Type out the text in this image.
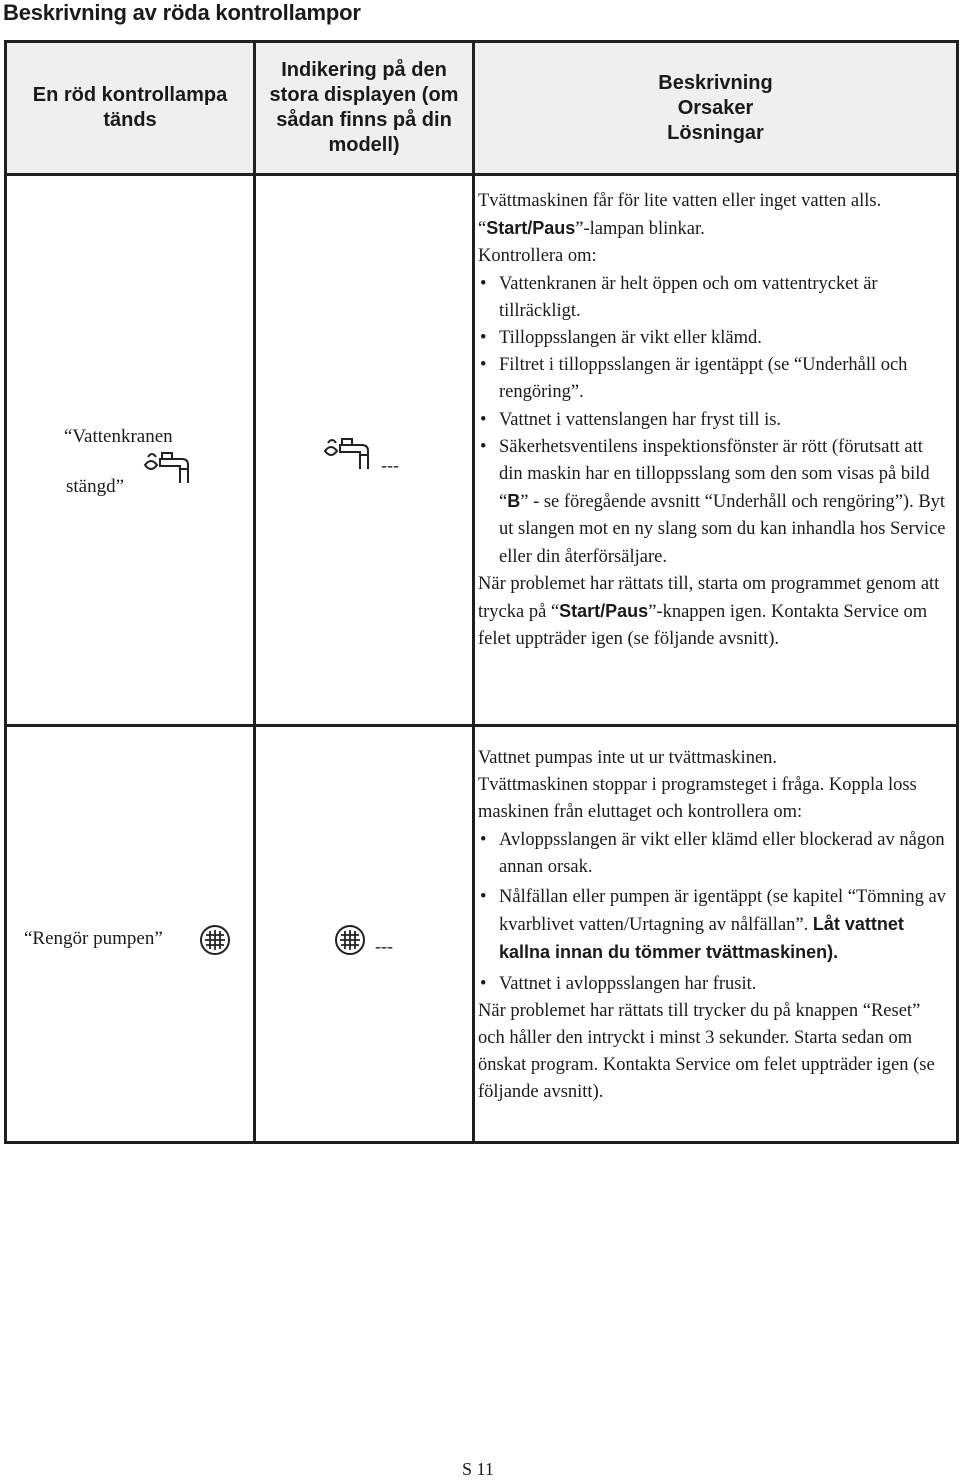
Beskrivning av röda kontrollampor
En röd kontrollampa tänds
Indikering på den stora displayen (om sådan finns på din modell)
Beskrivning
Orsaker
Lösningar
“Vattenkranen
stängd”
---

Tvättmaskinen får för lite vatten eller inget vatten alls. “Start/Paus”-lampan blinkar.

Kontrollera om:

• Vattenkranen är helt öppen och om vattentrycket är tillräckligt.
• Tilloppsslangen är vikt eller klämd.
• Filtret i tilloppsslangen är igentäppt (se “Underhåll och rengöring”.
• Vattnet i vattenslangen har fryst till is.
• Säkerhetsventilens inspektionsfönster är rött (förutsatt att din maskin har en tilloppsslang som den som visas på bild “B” - se föregående avsnitt “Underhåll och rengöring”). Byt ut slangen mot en ny slang som du kan inhandla hos Service eller din återförsäljare.

När problemet har rättats till, starta om programmet genom att trycka på “Start/Paus”-knappen igen. Kontakta Service om felet uppträder igen (se följande avsnitt).

“Rengör pumpen”	---

Vattnet pumpas inte ut ur tvättmaskinen.

Tvättmaskinen stoppar i programsteget i fråga. Koppla loss maskinen från eluttaget och kontrollera om:

• Avloppsslangen är vikt eller klämd eller blockerad av någon annan orsak.
• Nålfällan eller pumpen är igentäppt (se kapitel “Tömning av kvarblivet vatten/Urtagning av nålfällan”. Låt vattnet kallna innan du tömmer tvättmaskinen).
• Vattnet i avloppsslangen har frusit.

När problemet har rättats till trycker du på knappen “Reset” och håller den intryckt i minst 3 sekunder. Starta sedan om önskat program. Kontakta Service om felet uppträder igen (se följande avsnitt).

S 11
